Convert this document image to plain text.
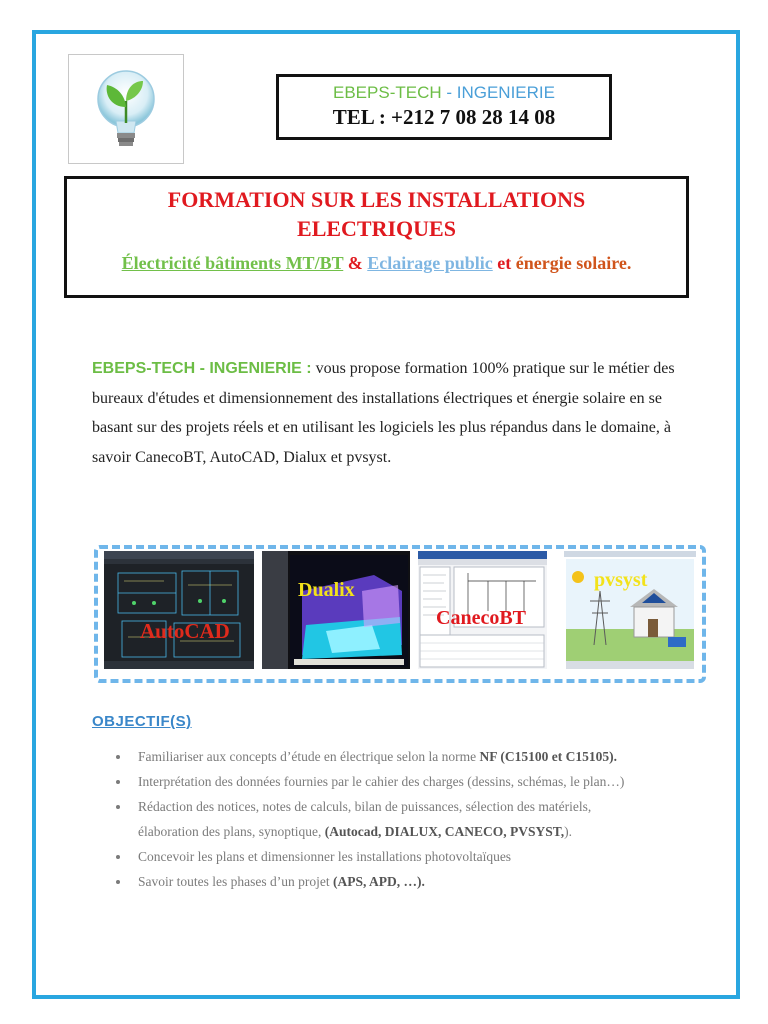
EBEPS-TECH - INGENIERIE
TEL : +212 7 08 28 14 08
FORMATION SUR LES INSTALLATIONS
ELECTRIQUES
Électricité bâtiments MT/BT & Eclairage public et énergie solaire.
EBEPS-TECH - INGENIERIE : vous propose formation 100% pratique sur le métier des bureaux d'études et dimensionnement des installations électriques et énergie solaire en se basant sur des projets réels et en utilisant les logiciels les plus répandus dans le domaine, à savoir CanecoBT, AutoCAD, Dialux et pvsyst.
AutoCAD
Dualix
CanecoBT
pvsyst
OBJECTIF(S)
Familiariser aux concepts d’étude en électrique selon la norme NF (C15100 et C15105).
Interprétation des données fournies par le cahier des charges (dessins, schémas, le plan…)
Rédaction des notices, notes de calculs, bilan de puissances, sélection des matériels,
élaboration des plans, synoptique, (Autocad, DIALUX, CANECO, PVSYST,).
Concevoir les plans et dimensionner les installations photovoltaïques
Savoir toutes les phases d’un projet (APS, APD, …).
